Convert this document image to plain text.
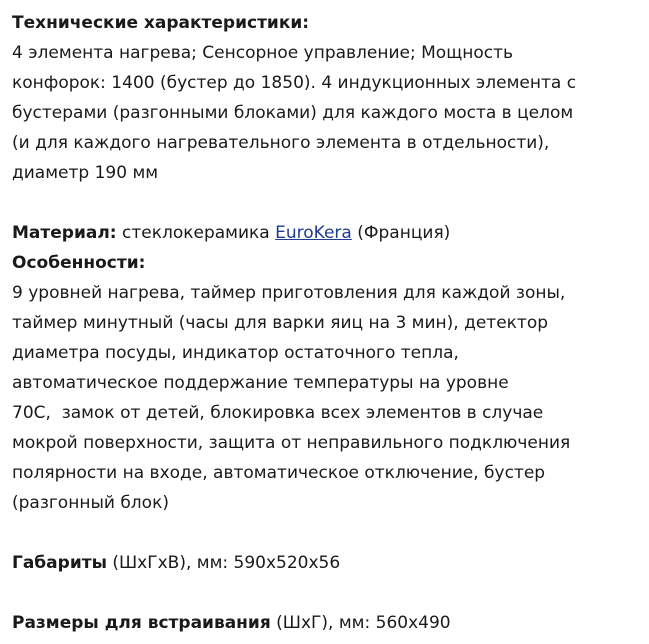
Технические характеристики:
4 элемента нагрева; Сенсорное управление; Мощность
конфорок: 1400 (бустер до 1850). 4 индукционных элемента с
бустерами (разгонными блоками) для каждого моста в целом
(и для каждого нагревательного элемента в отдельности),
диаметр 190 мм
Материал: стеклокерамика EuroKera (Франция)
Особенности:
9 уровней нагрева, таймер приготовления для каждой зоны,
таймер минутный (часы для варки яиц на 3 мин), детектор
диаметра посуды, индикатор остаточного тепла,
автоматическое поддержание температуры на уровне
70С,  замок от детей, блокировка всех элементов в случае
мокрой поверхности, защита от неправильного подключения
полярности на входе, автоматическое отключение, бустер
(разгонный блок)
Габариты (ШхГхВ), мм: 590х520х56
Размеры для встраивания (ШхГ), мм: 560х490
